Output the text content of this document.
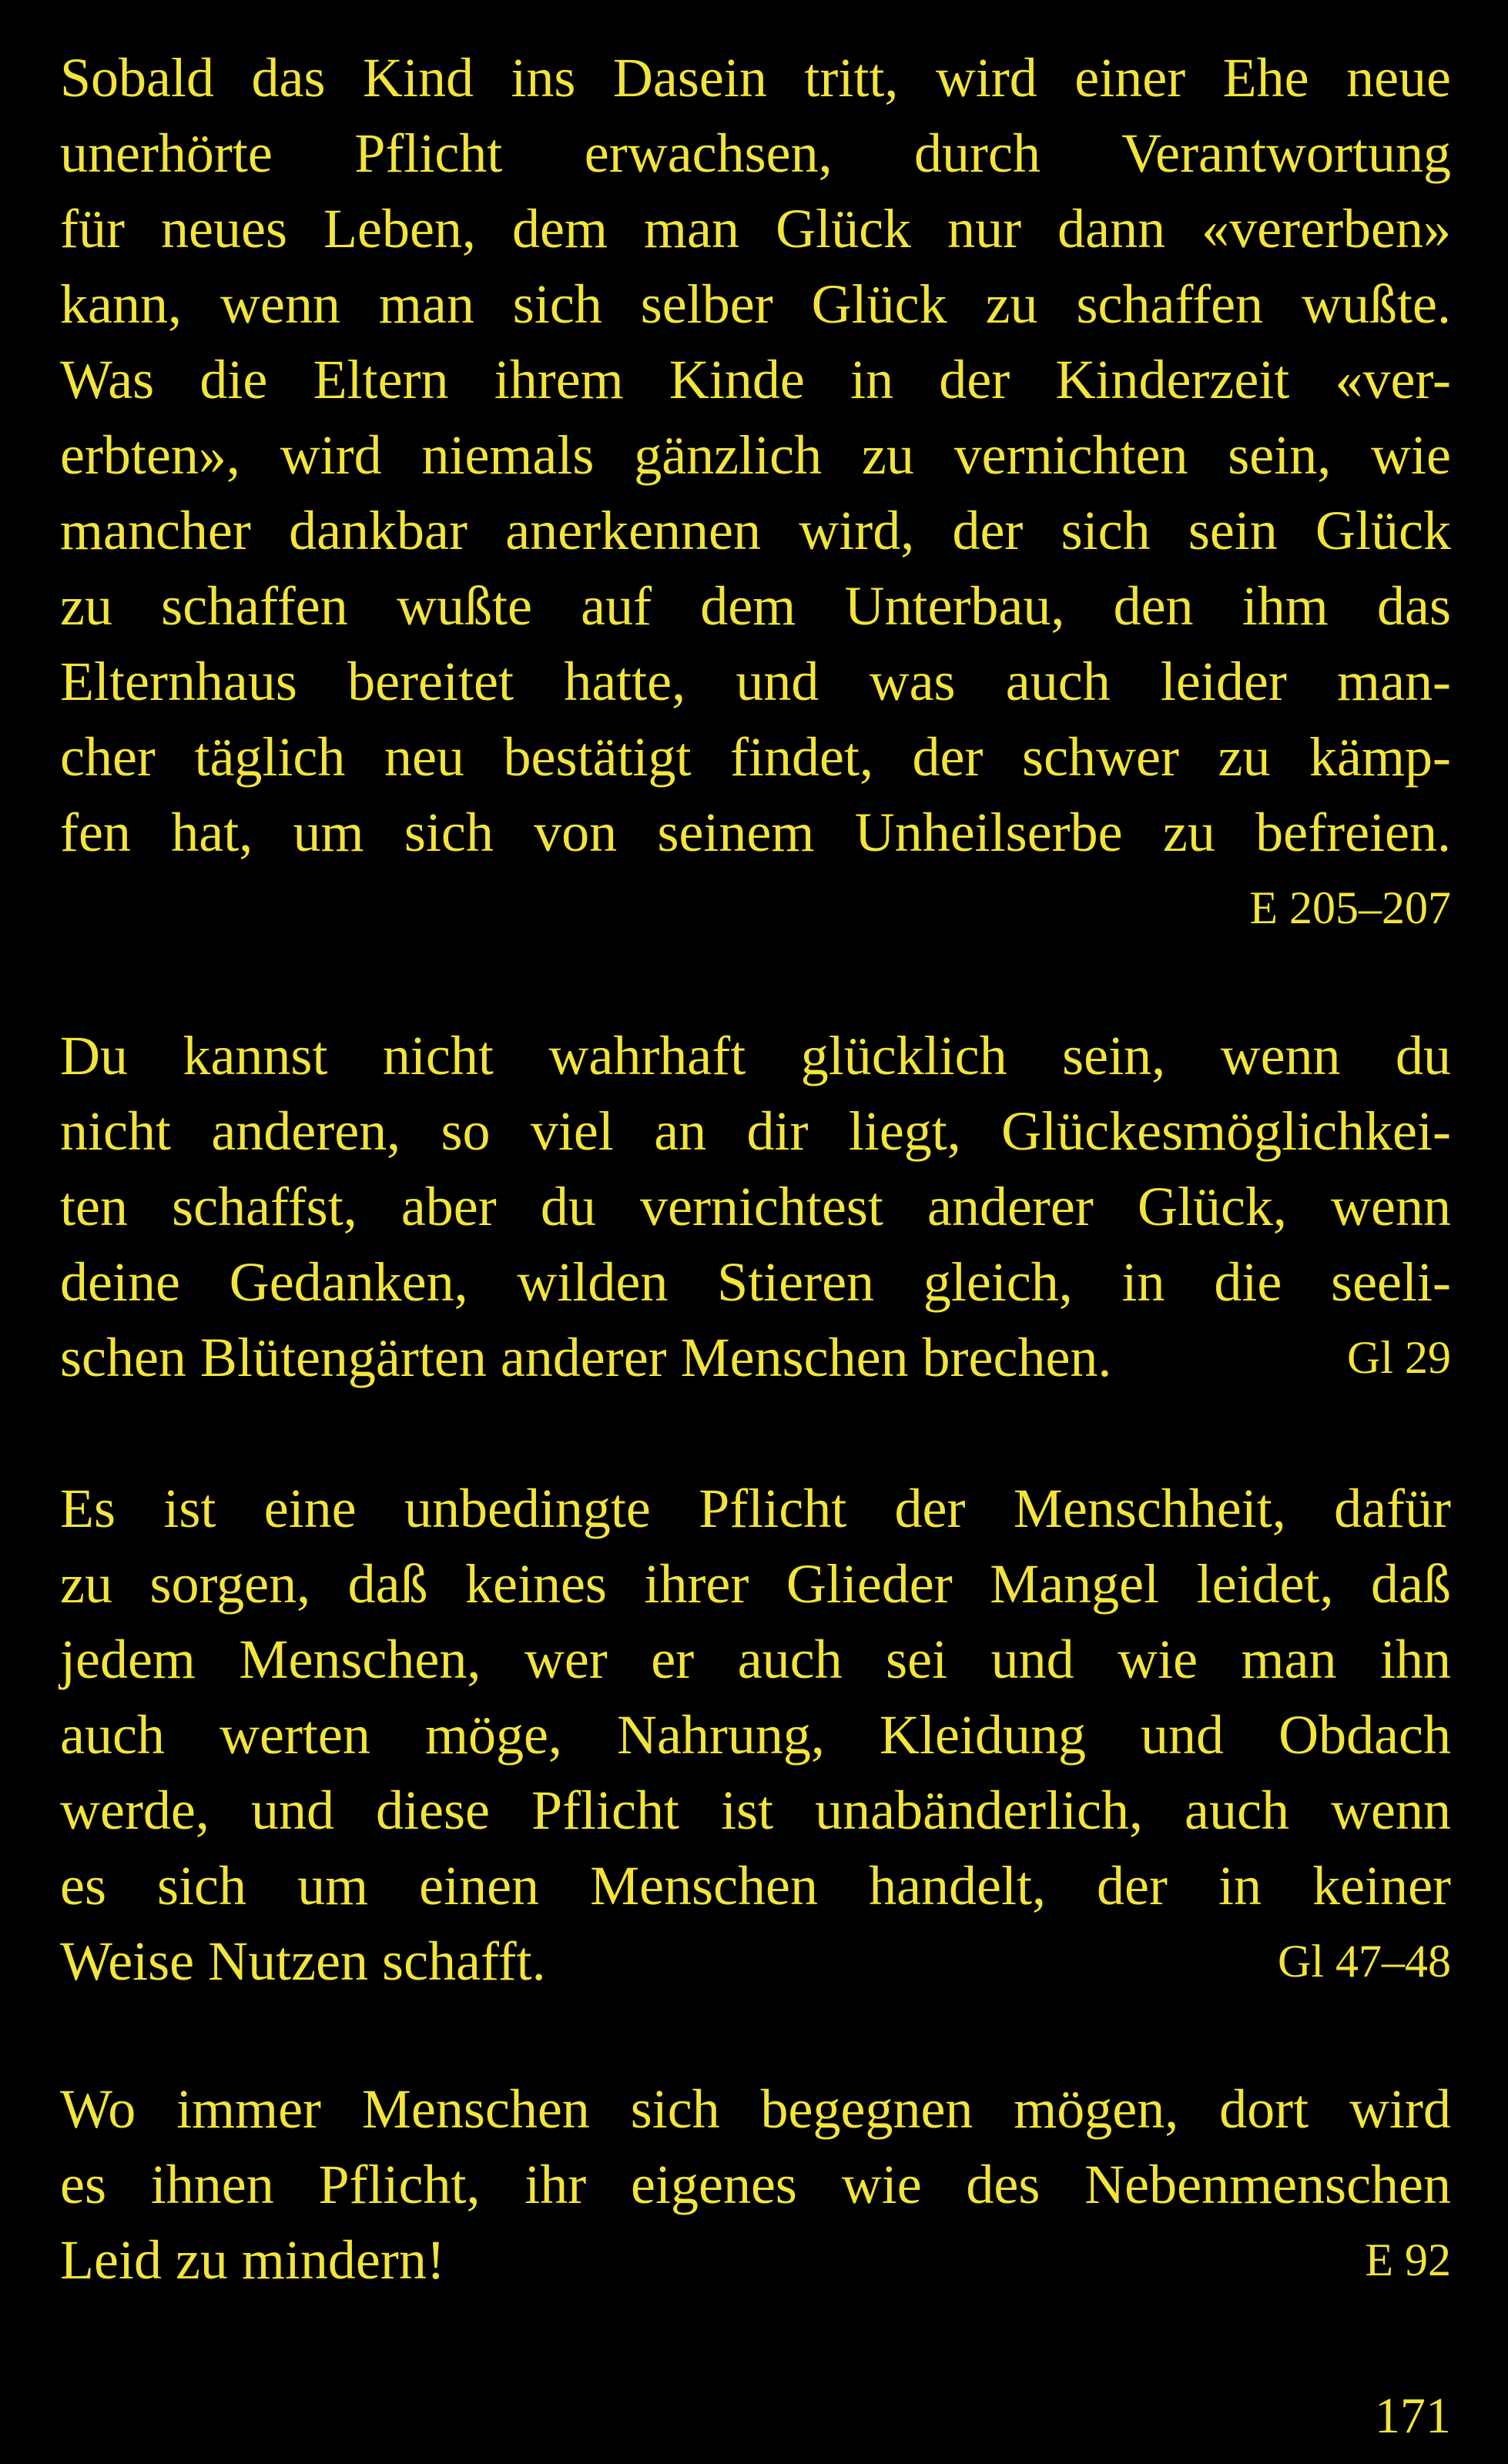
Sobald das Kind ins Dasein tritt, wird einer Ehe neue
unerhörte Pflicht erwachsen, durch Verantwortung
für neues Leben, dem man Glück nur dann «vererben»
kann, wenn man sich selber Glück zu schaffen wußte.
Was die Eltern ihrem Kinde in der Kinderzeit «ver-
erbten», wird niemals gänzlich zu vernichten sein, wie
mancher dankbar anerkennen wird, der sich sein Glück
zu schaffen wußte auf dem Unterbau, den ihm das
Elternhaus bereitet hatte, und was auch leider man-
cher täglich neu bestätigt findet, der schwer zu kämp-
fen hat, um sich von seinem Unheilserbe zu befreien.
E 205–207
Du kannst nicht wahrhaft glücklich sein, wenn du
nicht anderen, so viel an dir liegt, Glückesmöglichkei-
ten schaffst, aber du vernichtest anderer Glück, wenn
deine Gedanken, wilden Stieren gleich, in die seeli-
schen Blütengärten anderer Menschen brechen.	Gl 29
Es ist eine unbedingte Pflicht der Menschheit, dafür
zu sorgen, daß keines ihrer Glieder Mangel leidet, daß
jedem Menschen, wer er auch sei und wie man ihn
auch werten möge, Nahrung, Kleidung und Obdach
werde, und diese Pflicht ist unabänderlich, auch wenn
es sich um einen Menschen handelt, der in keiner
Weise Nutzen schafft.	Gl 47–48
Wo immer Menschen sich begegnen mögen, dort wird
es ihnen Pflicht, ihr eigenes wie des Nebenmenschen
Leid zu mindern!	E 92
171
